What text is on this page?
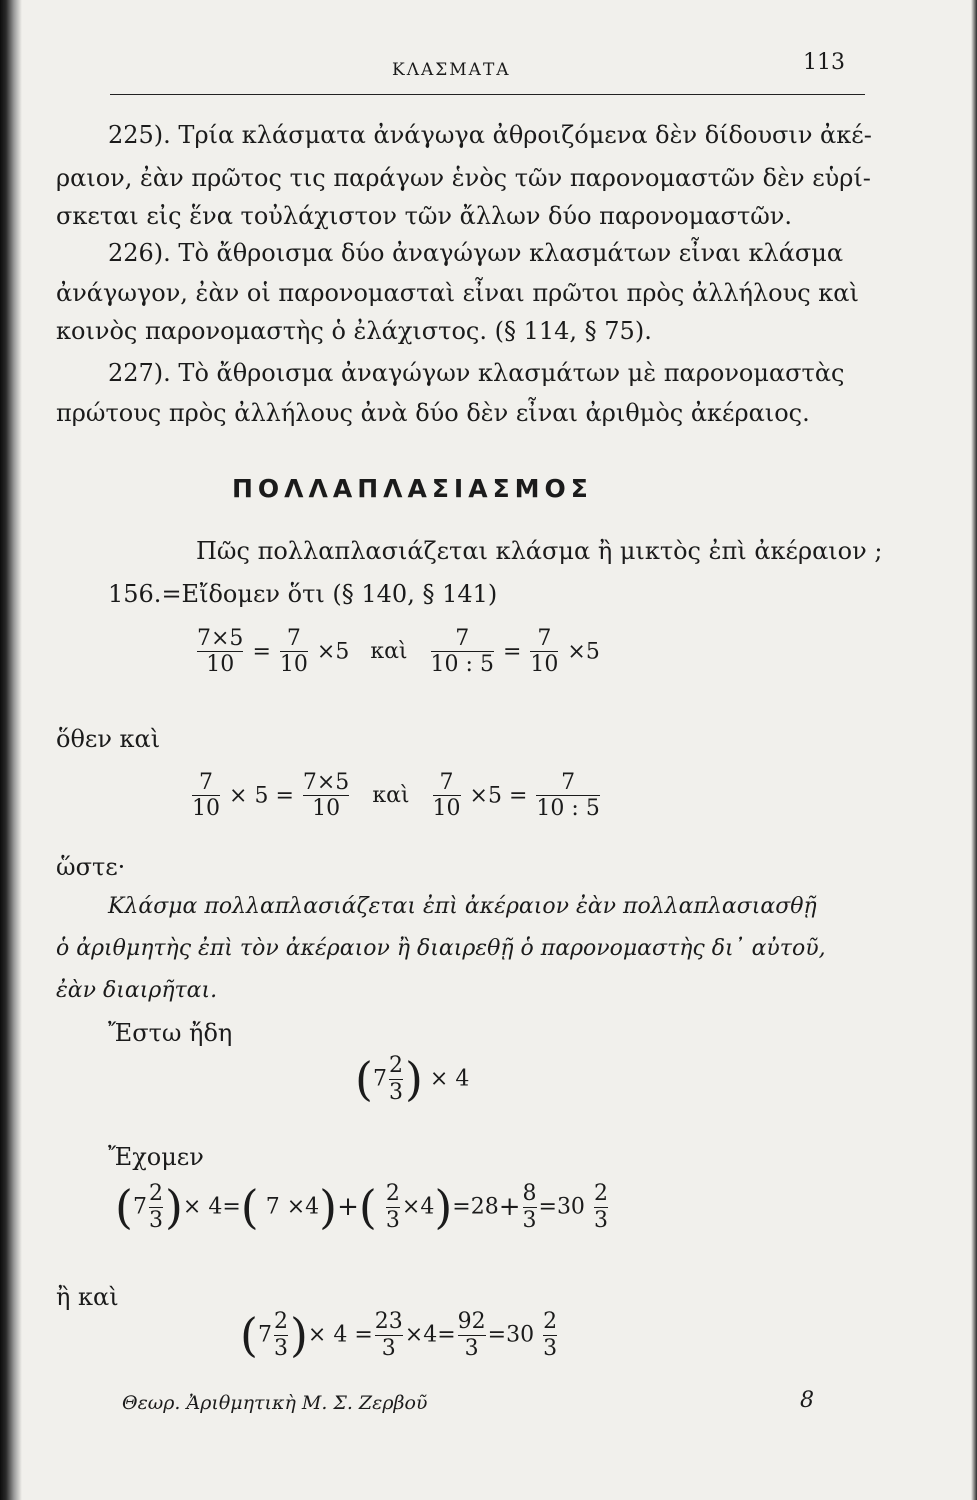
ΚΛΑΣΜΑΤΑ	113
225). Τρία κλάσματα ἀνάγωγα ἀθροιζόμενα δὲν δίδουσιν ἀκέ-
ραιον, ἐὰν πρῶτος τις παράγων ἑνὸς τῶν παρονομαστῶν δὲν εὑρί-
σκεται εἰς ἕνα τοὐλάχιστον τῶν ἄλλων δύο παρονομαστῶν.
226). Τὸ ἄθροισμα δύο ἀναγώγων κλασμάτων εἶναι κλάσμα
ἀνάγωγον, ἐὰν οἱ παρονομασταὶ εἶναι πρῶτοι πρὸς ἀλλήλους καὶ
κοινὸς παρονομαστὴς ὁ ἐλάχιστος. (§ 114, § 75).
227). Τὸ ἄθροισμα ἀναγώγων κλασμάτων μὲ παρονομαστὰς
πρώτους πρὸς ἀλλήλους ἀνὰ δύο δὲν εἶναι ἀριθμὸς ἀκέραιος.
ΠΟΛΛΑΠΛΑΣΙΑΣΜΟΣ
Πῶς πολλαπλασιάζεται κλάσμα ἢ μικτὸς ἐπὶ ἀκέραιον ;
156.=Εἴδομεν ὅτι (§ 140, § 141)
$\frac{7\times 5}{10} = \frac{7}{10} \times 5$ καὶ $\frac{7}{10 : 5} = \frac{7}{10} \times 5$
ὅθεν καὶ
$\frac{7}{10} \times 5 = \frac{7\times 5}{10}$ καὶ $\frac{7}{10} \times 5 = \frac{7}{10 : 5}$
ὥστε·
Κλάσμα πολλαπλασιάζεται ἐπὶ ἀκέραιον ἐὰν πολλαπλασιασθῇ
ὁ ἀριθμητὴς ἐπὶ τὸν ἀκέραιον ἢ διαιρεθῇ ὁ παρονομαστὴς δι᾿ αὐτοῦ,
ἐὰν διαιρῆται.
Ἔστω ἤδη
($7 \frac{2}{3}$ ) × 4
Ἔχομεν
($7 \frac{2}{3}$ )× 4=( $7 \times 4)+( \frac{2}{3} \times 4)=28+ \frac{8}{3} =30 \frac{2}{3}$
ἢ καὶ
($7 \frac{2}{3}$ )× $4 = \frac{23}{3} \times 4= \frac{92}{3} =30 \frac{2}{3}$
Θεωρ. Ἀριθμητικὴ Μ. Σ. Ζερβοῦ	8
